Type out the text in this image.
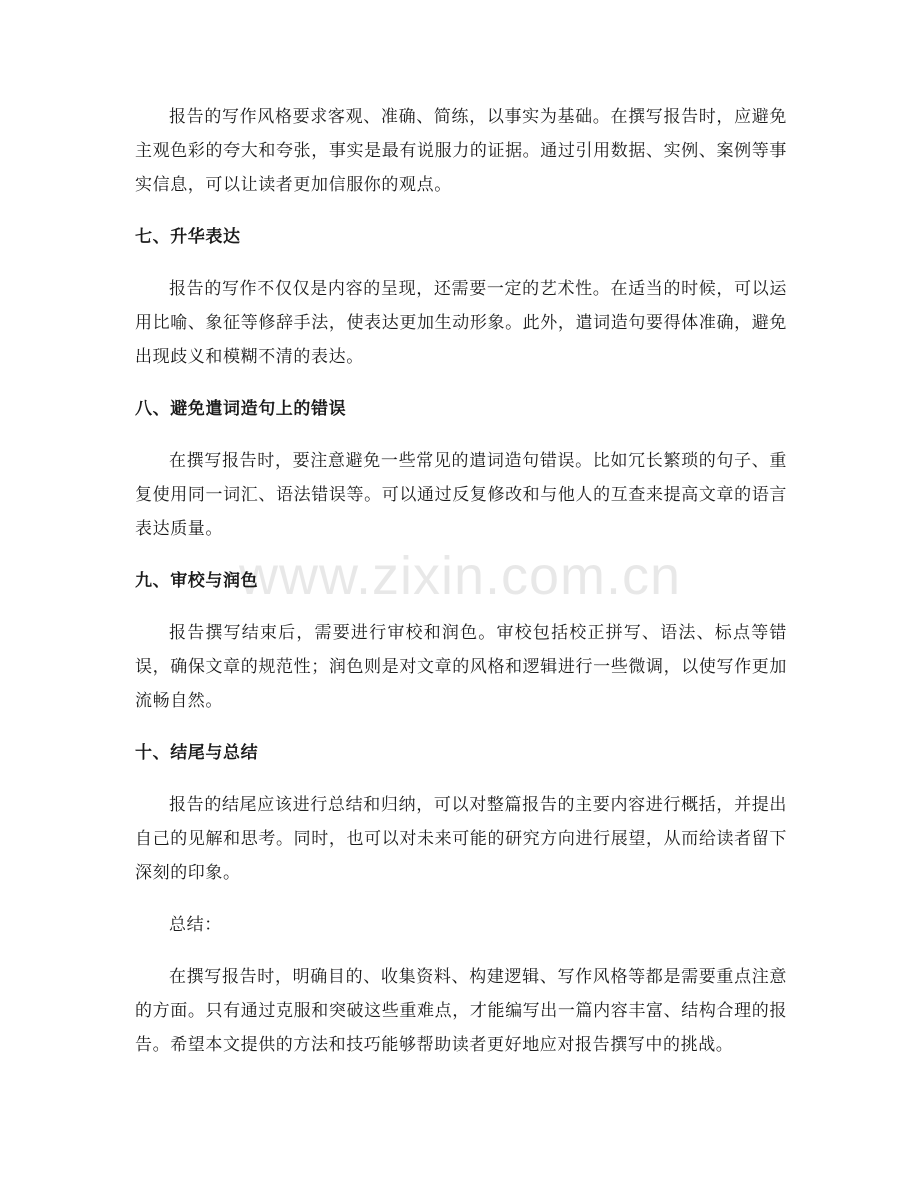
报告的写作风格要求客观、准确、简练，以事实为基础。在撰写报告时，应避免主观色彩的夸大和夸张，事实是最有说服力的证据。通过引用数据、实例、案例等事实信息，可以让读者更加信服你的观点。

七、升华表达

报告的写作不仅仅是内容的呈现，还需要一定的艺术性。在适当的时候，可以运用比喻、象征等修辞手法，使表达更加生动形象。此外，遣词造句要得体准确，避免出现歧义和模糊不清的表达。

八、避免遣词造句上的错误

在撰写报告时，要注意避免一些常见的遣词造句错误。比如冗长繁琐的句子、重复使用同一词汇、语法错误等。可以通过反复修改和与他人的互查来提高文章的语言表达质量。

九、审校与润色

报告撰写结束后，需要进行审校和润色。审校包括校正拼写、语法、标点等错误，确保文章的规范性；润色则是对文章的风格和逻辑进行一些微调，以使写作更加流畅自然。

十、结尾与总结

报告的结尾应该进行总结和归纳，可以对整篇报告的主要内容进行概括，并提出自己的见解和思考。同时，也可以对未来可能的研究方向进行展望，从而给读者留下深刻的印象。

总结：

在撰写报告时，明确目的、收集资料、构建逻辑、写作风格等都是需要重点注意的方面。只有通过克服和突破这些重难点，才能编写出一篇内容丰富、结构合理的报告。希望本文提供的方法和技巧能够帮助读者更好地应对报告撰写中的挑战。

www.zixin.com.cn
